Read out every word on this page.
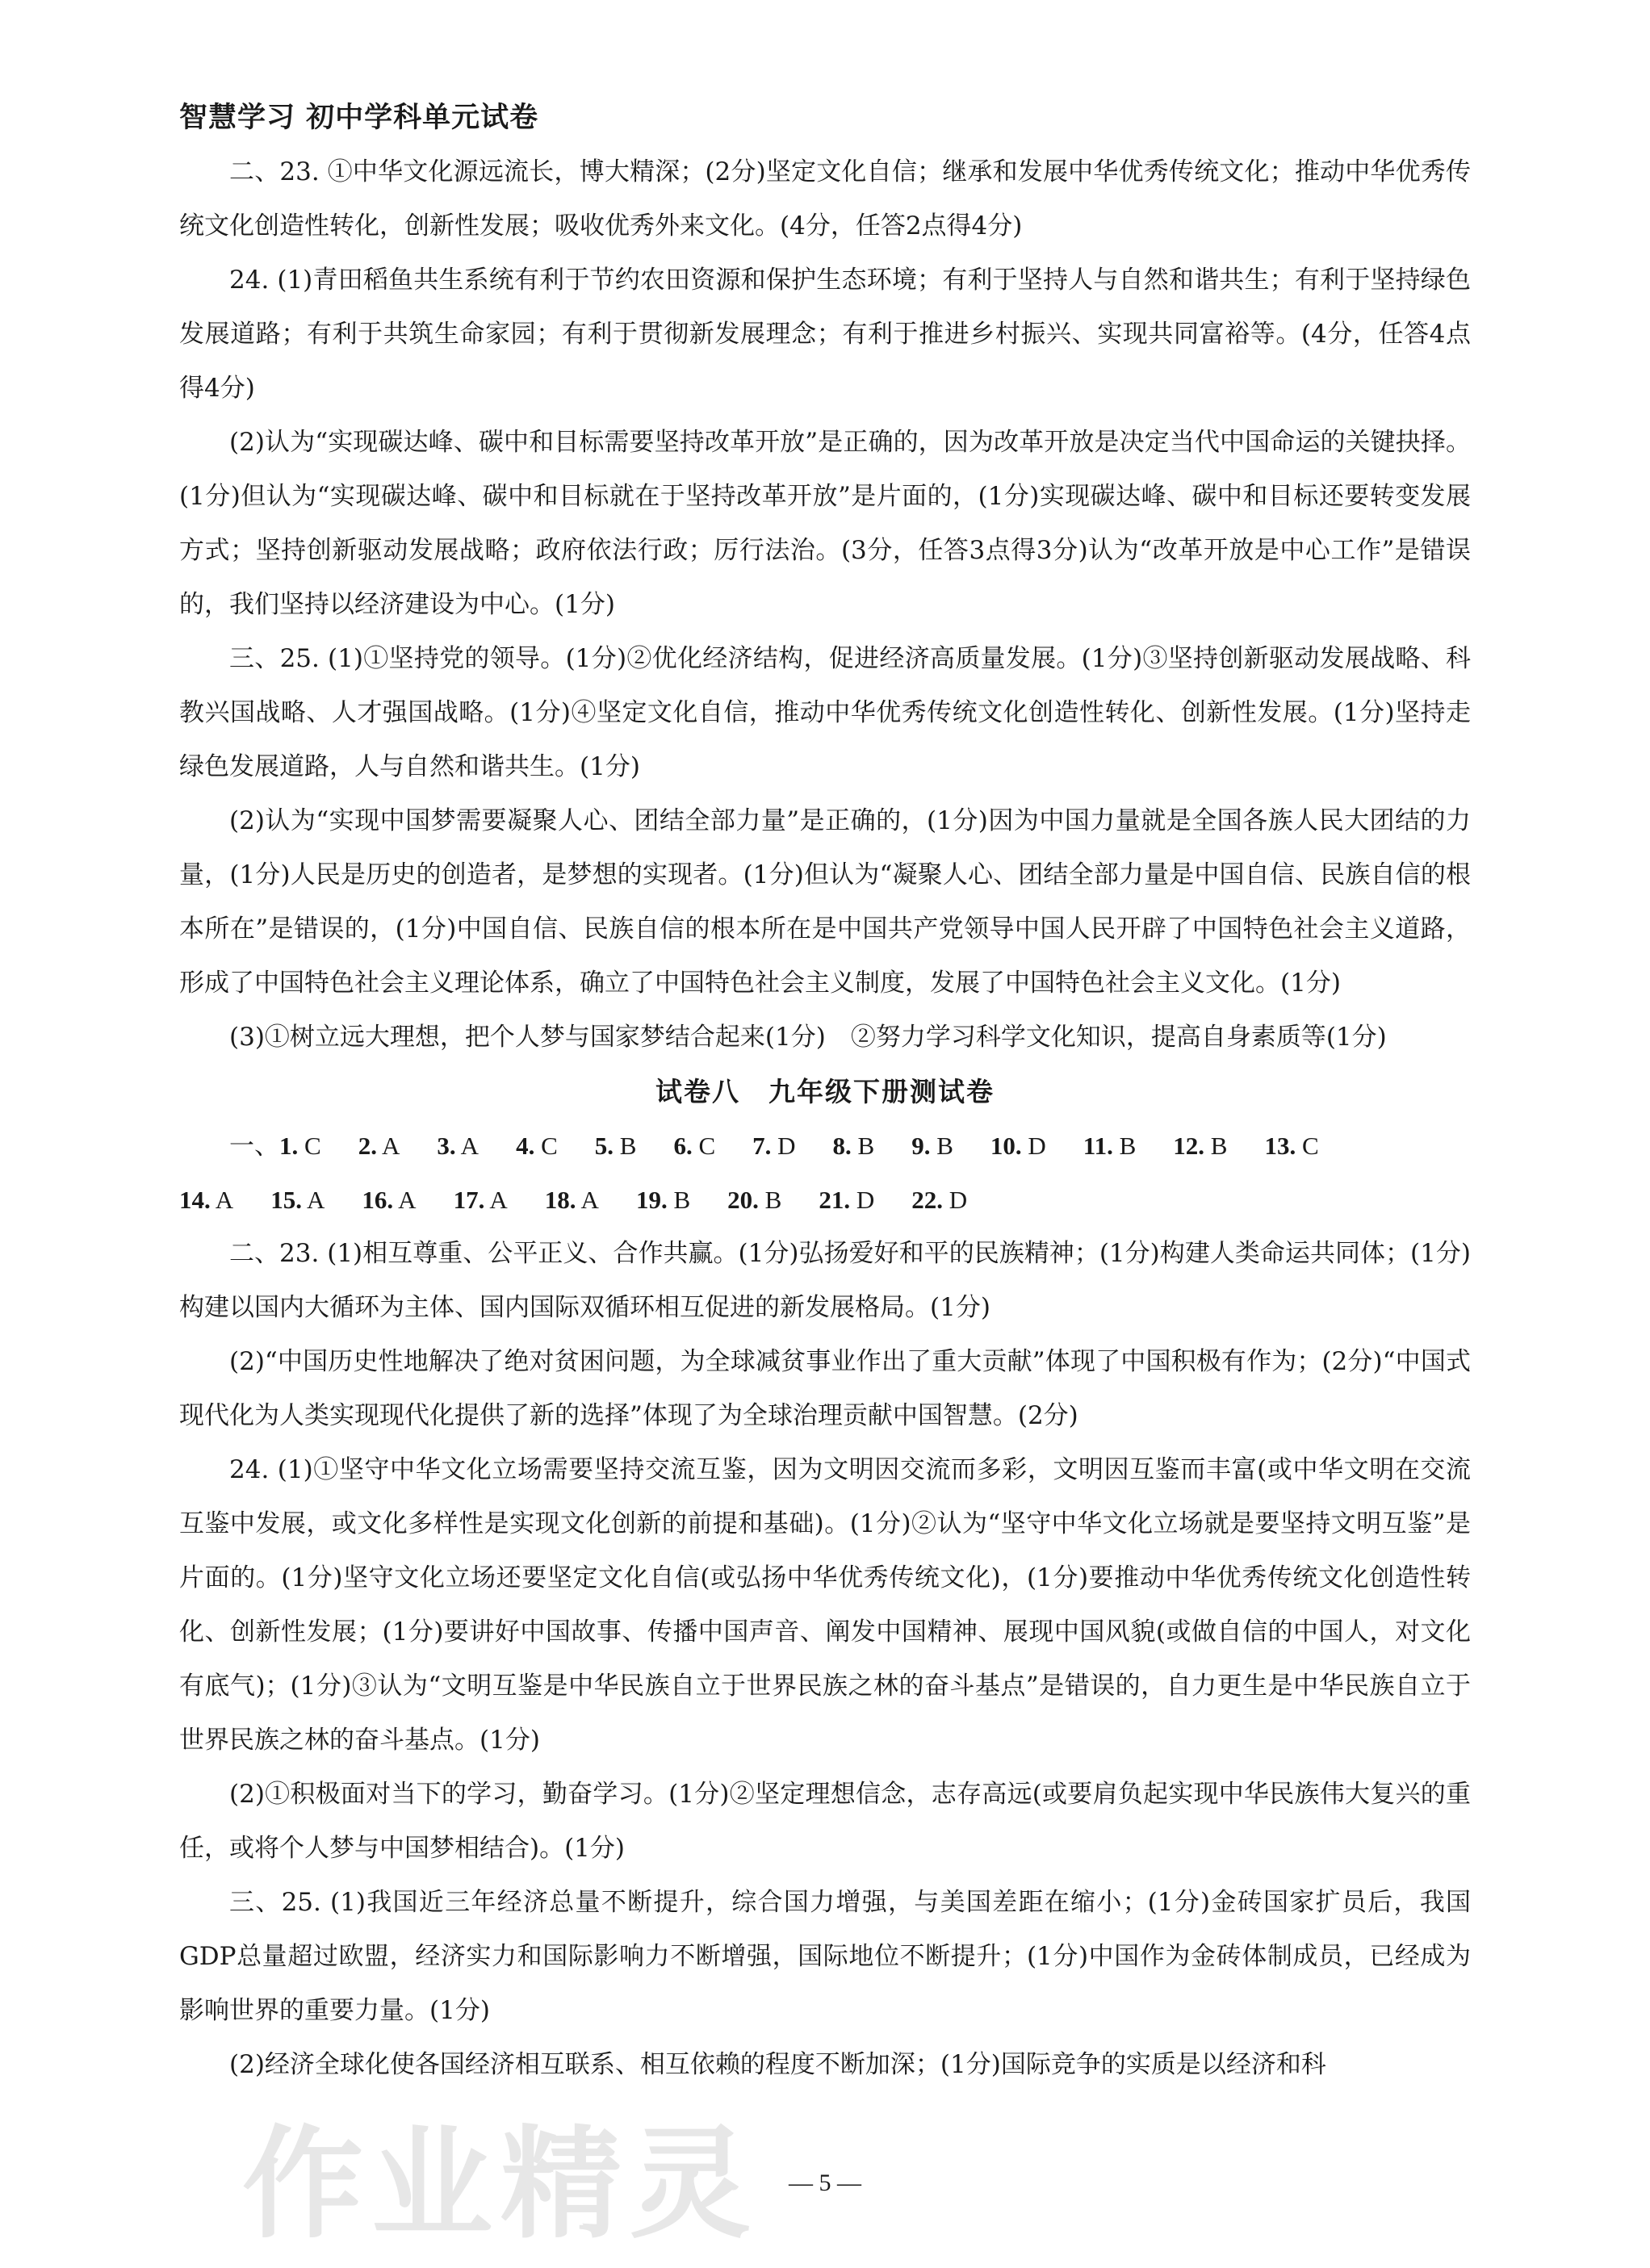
智慧学习 初中学科单元试卷

二、23. ①中华文化源远流长，博大精深；(2分)坚定文化自信；继承和发展中华优秀传统文化；推动中华优秀传统文化创造性转化，创新性发展；吸收优秀外来文化。(4分，任答2点得4分)

24. (1)青田稻鱼共生系统有利于节约农田资源和保护生态环境；有利于坚持人与自然和谐共生；有利于坚持绿色发展道路；有利于共筑生命家园；有利于贯彻新发展理念；有利于推进乡村振兴、实现共同富裕等。(4分，任答4点得4分)

(2)认为“实现碳达峰、碳中和目标需要坚持改革开放”是正确的，因为改革开放是决定当代中国命运的关键抉择。(1分)但认为“实现碳达峰、碳中和目标就在于坚持改革开放”是片面的，(1分)实现碳达峰、碳中和目标还要转变发展方式；坚持创新驱动发展战略；政府依法行政；厉行法治。(3分，任答3点得3分)认为“改革开放是中心工作”是错误的，我们坚持以经济建设为中心。(1分)

三、25. (1)①坚持党的领导。(1分)②优化经济结构，促进经济高质量发展。(1分)③坚持创新驱动发展战略、科教兴国战略、人才强国战略。(1分)④坚定文化自信，推动中华优秀传统文化创造性转化、创新性发展。(1分)坚持走绿色发展道路，人与自然和谐共生。(1分)

(2)认为“实现中国梦需要凝聚人心、团结全部力量”是正确的，(1分)因为中国力量就是全国各族人民大团结的力量，(1分)人民是历史的创造者，是梦想的实现者。(1分)但认为“凝聚人心、团结全部力量是中国自信、民族自信的根本所在”是错误的，(1分)中国自信、民族自信的根本所在是中国共产党领导中国人民开辟了中国特色社会主义道路，形成了中国特色社会主义理论体系，确立了中国特色社会主义制度，发展了中国特色社会主义文化。(1分)

(3)①树立远大理想，把个人梦与国家梦结合起来(1分)　②努力学习科学文化知识，提高自身素质等(1分)

试卷八　九年级下册测试卷

一、1. C 2. A 3. A 4. C 5. B 6. C 7. D 8. B 9. B 10. D 11. B 12. B 13. C

14. A 15. A 16. A 17. A 18. A 19. B 20. B 21. D 22. D

二、23. (1)相互尊重、公平正义、合作共赢。(1分)弘扬爱好和平的民族精神；(1分)构建人类命运共同体；(1分)构建以国内大循环为主体、国内国际双循环相互促进的新发展格局。(1分)

(2)“中国历史性地解决了绝对贫困问题，为全球减贫事业作出了重大贡献”体现了中国积极有作为；(2分)“中国式现代化为人类实现现代化提供了新的选择”体现了为全球治理贡献中国智慧。(2分)

24. (1)①坚守中华文化立场需要坚持交流互鉴，因为文明因交流而多彩，文明因互鉴而丰富(或中华文明在交流互鉴中发展，或文化多样性是实现文化创新的前提和基础)。(1分)②认为“坚守中华文化立场就是要坚持文明互鉴”是片面的。(1分)坚守文化立场还要坚定文化自信(或弘扬中华优秀传统文化)，(1分)要推动中华优秀传统文化创造性转化、创新性发展；(1分)要讲好中国故事、传播中国声音、阐发中国精神、展现中国风貌(或做自信的中国人，对文化有底气)；(1分)③认为“文明互鉴是中华民族自立于世界民族之林的奋斗基点”是错误的，自力更生是中华民族自立于世界民族之林的奋斗基点。(1分)

(2)①积极面对当下的学习，勤奋学习。(1分)②坚定理想信念，志存高远(或要肩负起实现中华民族伟大复兴的重任，或将个人梦与中国梦相结合)。(1分)

三、25. (1)我国近三年经济总量不断提升，综合国力增强，与美国差距在缩小；(1分)金砖国家扩员后，我国GDP总量超过欧盟，经济实力和国际影响力不断增强，国际地位不断提升；(1分)中国作为金砖体制成员，已经成为影响世界的重要力量。(1分)

(2)经济全球化使各国经济相互联系、相互依赖的程度不断加深；(1分)国际竞争的实质是以经济和科

作业精灵	— 5 —
